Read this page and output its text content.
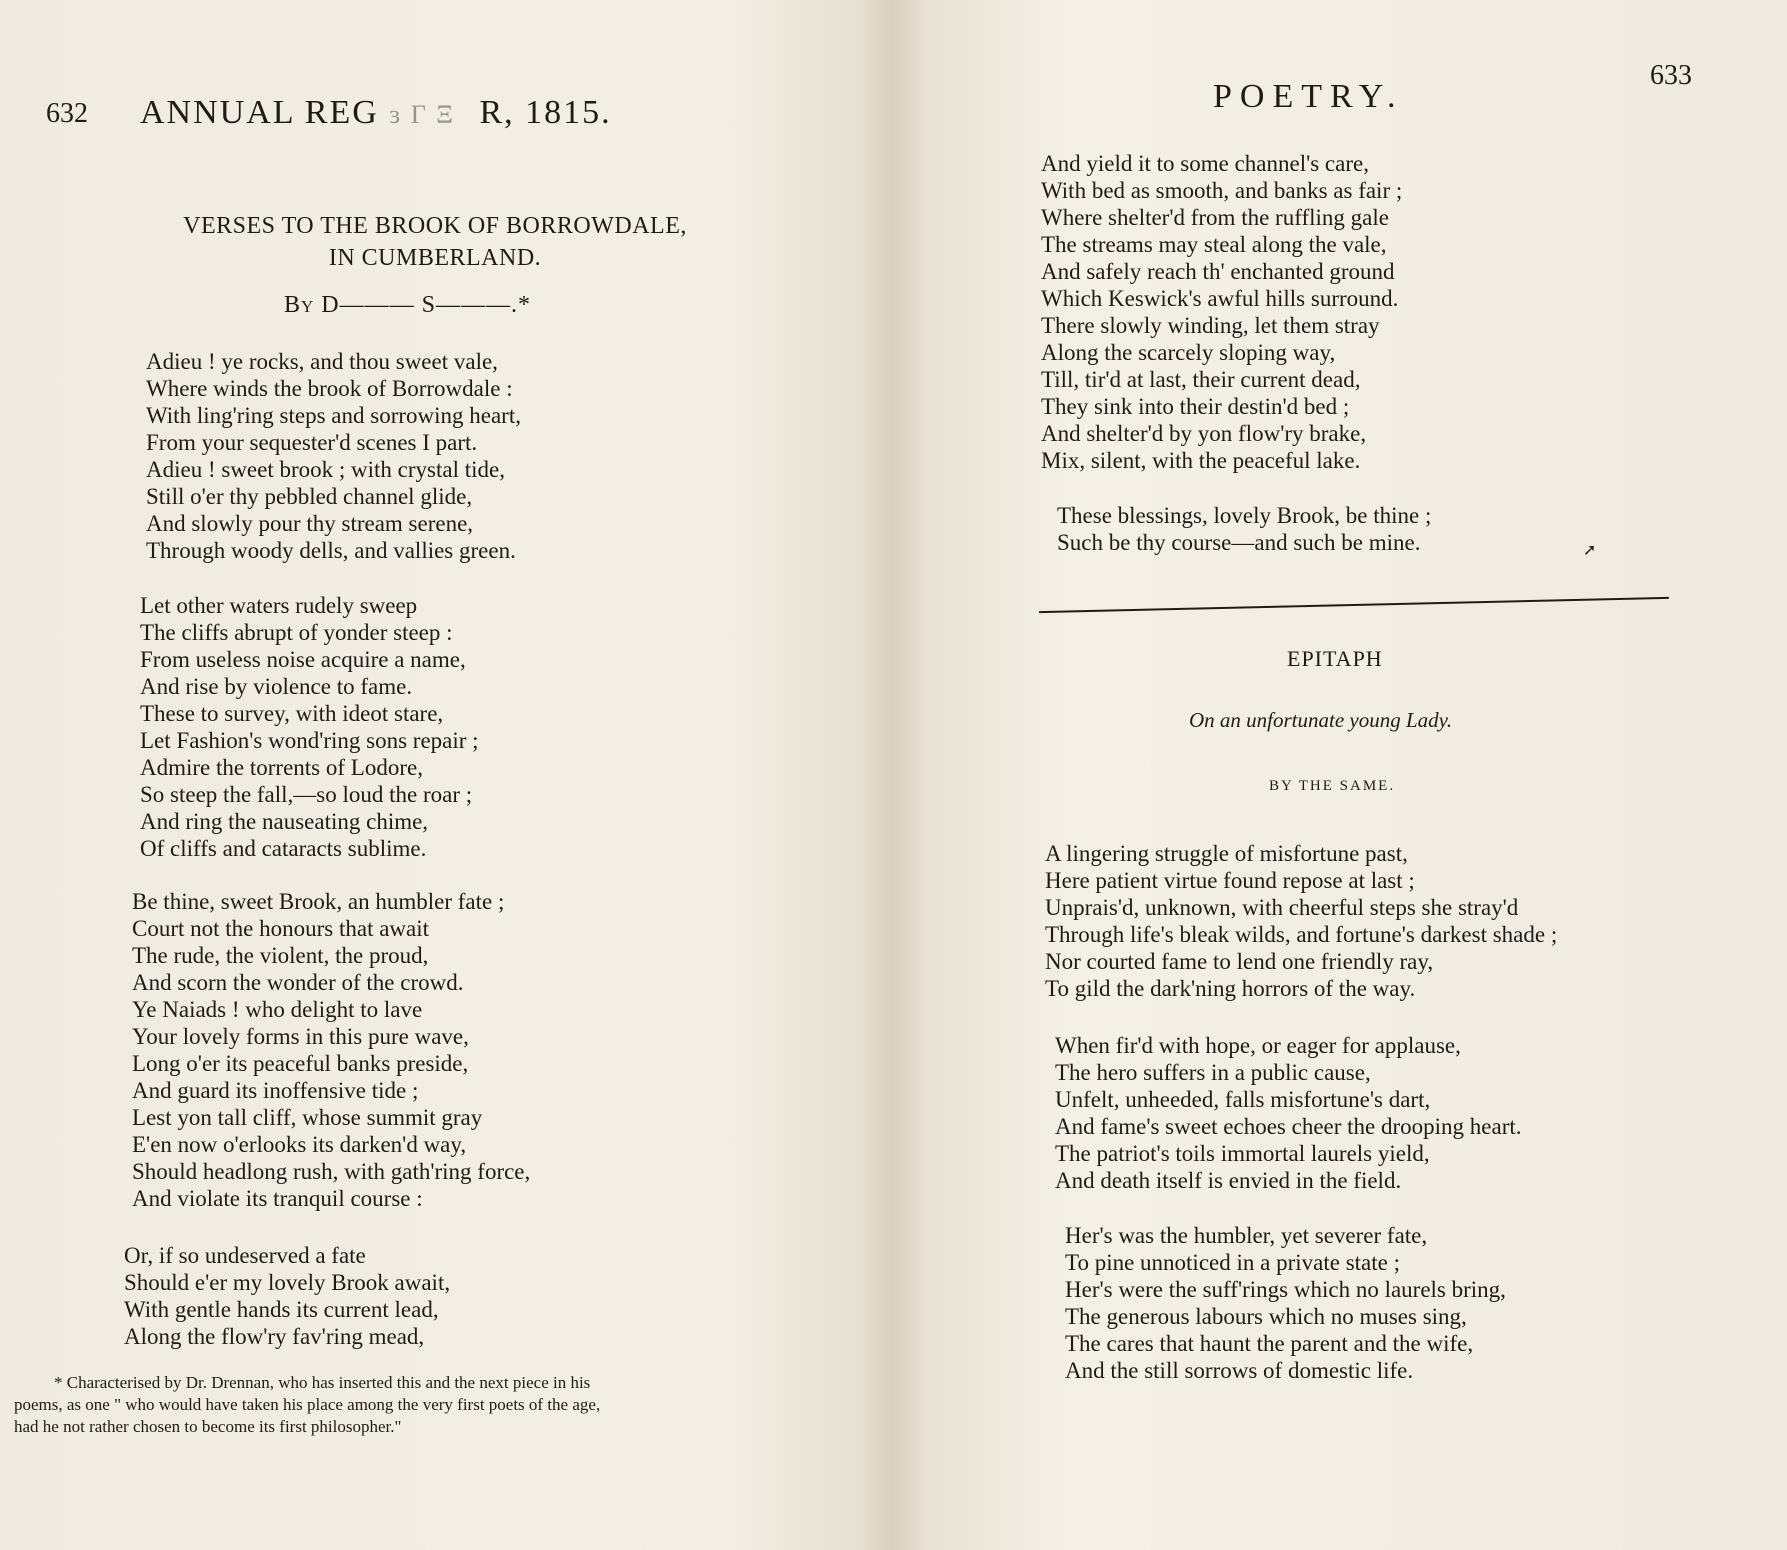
632 ANNUAL REG ɜ Γ Ξ R, 1815.
VERSES TO THE BROOK OF BORROWDALE,
IN CUMBERLAND.
By D——— S———.*
Adieu ! ye rocks, and thou sweet vale,
Where winds the brook of Borrowdale :
With ling'ring steps and sorrowing heart,
From your sequester'd scenes I part.
Adieu ! sweet brook ; with crystal tide,
Still o'er thy pebbled channel glide,
And slowly pour thy stream serene,
Through woody dells, and vallies green.
Let other waters rudely sweep
The cliffs abrupt of yonder steep :
From useless noise acquire a name,
And rise by violence to fame.
These to survey, with ideot stare,
Let Fashion's wond'ring sons repair ;
Admire the torrents of Lodore,
So steep the fall,—so loud the roar ;
And ring the nauseating chime,
Of cliffs and cataracts sublime.
Be thine, sweet Brook, an humbler fate ;
Court not the honours that await
The rude, the violent, the proud,
And scorn the wonder of the crowd.
Ye Naiads ! who delight to lave
Your lovely forms in this pure wave,
Long o'er its peaceful banks preside,
And guard its inoffensive tide ;
Lest yon tall cliff, whose summit gray
E'en now o'erlooks its darken'd way,
Should headlong rush, with gath'ring force,
And violate its tranquil course :
Or, if so undeserved a fate
Should e'er my lovely Brook await,
With gentle hands its current lead,
Along the flow'ry fav'ring mead,
* Characterised by Dr. Drennan, who has inserted this and the next piece in his
poems, as one " who would have taken his place among the very first poets of the age,
had he not rather chosen to become its first philosopher."
POETRY.
633
And yield it to some channel's care,
With bed as smooth, and banks as fair ;
Where shelter'd from the ruffling gale
The streams may steal along the vale,
And safely reach th' enchanted ground
Which Keswick's awful hills surround.
There slowly winding, let them stray
Along the scarcely sloping way,
Till, tir'd at last, their current dead,
They sink into their destin'd bed ;
And shelter'd by yon flow'ry brake,
Mix, silent, with the peaceful lake.
These blessings, lovely Brook, be thine ;
Such be thy course—and such be mine.	➚
EPITAPH
On an unfortunate young Lady.
BY THE SAME.
A lingering struggle of misfortune past,
Here patient virtue found repose at last ;
Unprais'd, unknown, with cheerful steps she stray'd
Through life's bleak wilds, and fortune's darkest shade ;
Nor courted fame to lend one friendly ray,
To gild the dark'ning horrors of the way.
When fir'd with hope, or eager for applause,
The hero suffers in a public cause,
Unfelt, unheeded, falls misfortune's dart,
And fame's sweet echoes cheer the drooping heart.
The patriot's toils immortal laurels yield,
And death itself is envied in the field.
Her's was the humbler, yet severer fate,
To pine unnoticed in a private state ;
Her's were the suff'rings which no laurels bring,
The generous labours which no muses sing,
The cares that haunt the parent and the wife,
And the still sorrows of domestic life.
